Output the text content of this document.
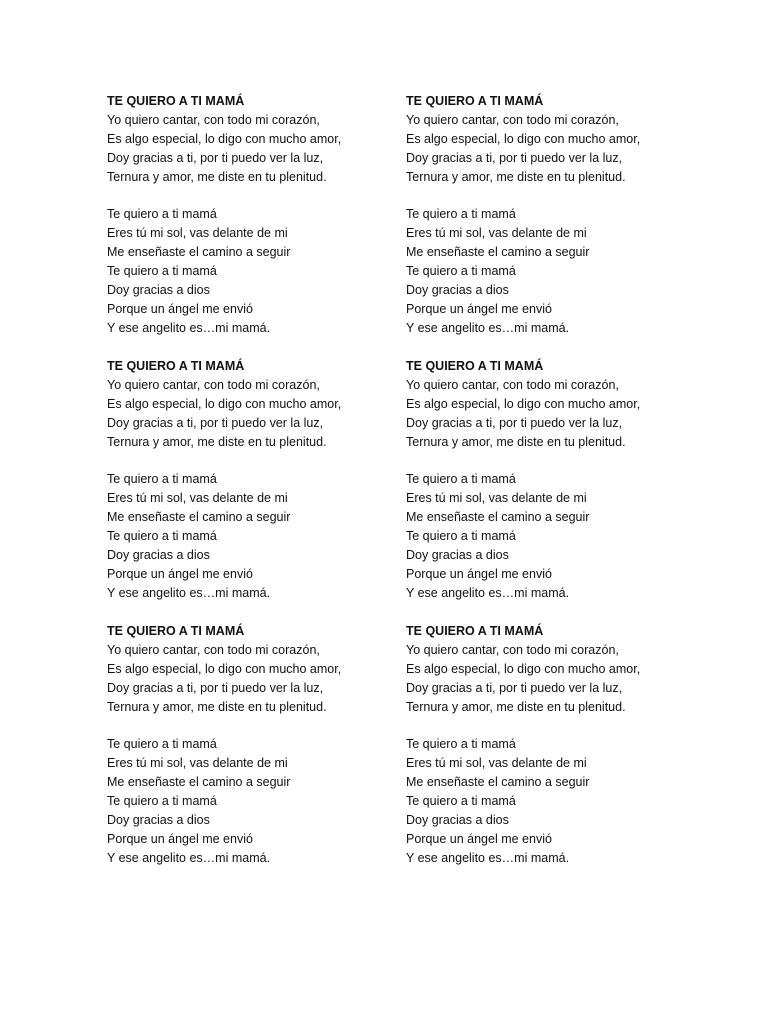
TE QUIERO A TI MAMÁ
Yo quiero cantar, con todo mi corazón,
Es algo especial, lo digo con mucho amor,
Doy gracias a ti, por ti puedo ver la luz,
Ternura y amor, me diste en tu plenitud.
Te quiero a ti mamá
Eres tú mi sol, vas delante de mi
Me enseñaste el camino a seguir
Te quiero a ti mamá
Doy gracias a dios
Porque un ángel me envió
Y ese angelito es…mi mamá.
TE QUIERO A TI MAMÁ
Yo quiero cantar, con todo mi corazón,
Es algo especial, lo digo con mucho amor,
Doy gracias a ti, por ti puedo ver la luz,
Ternura y amor, me diste en tu plenitud.
Te quiero a ti mamá
Eres tú mi sol, vas delante de mi
Me enseñaste el camino a seguir
Te quiero a ti mamá
Doy gracias a dios
Porque un ángel me envió
Y ese angelito es…mi mamá.
TE QUIERO A TI MAMÁ
Yo quiero cantar, con todo mi corazón,
Es algo especial, lo digo con mucho amor,
Doy gracias a ti, por ti puedo ver la luz,
Ternura y amor, me diste en tu plenitud.
Te quiero a ti mamá
Eres tú mi sol, vas delante de mi
Me enseñaste el camino a seguir
Te quiero a ti mamá
Doy gracias a dios
Porque un ángel me envió
Y ese angelito es…mi mamá.
TE QUIERO A TI MAMÁ
Yo quiero cantar, con todo mi corazón,
Es algo especial, lo digo con mucho amor,
Doy gracias a ti, por ti puedo ver la luz,
Ternura y amor, me diste en tu plenitud.
Te quiero a ti mamá
Eres tú mi sol, vas delante de mi
Me enseñaste el camino a seguir
Te quiero a ti mamá
Doy gracias a dios
Porque un ángel me envió
Y ese angelito es…mi mamá.
TE QUIERO A TI MAMÁ
Yo quiero cantar, con todo mi corazón,
Es algo especial, lo digo con mucho amor,
Doy gracias a ti, por ti puedo ver la luz,
Ternura y amor, me diste en tu plenitud.
Te quiero a ti mamá
Eres tú mi sol, vas delante de mi
Me enseñaste el camino a seguir
Te quiero a ti mamá
Doy gracias a dios
Porque un ángel me envió
Y ese angelito es…mi mamá.
TE QUIERO A TI MAMÁ
Yo quiero cantar, con todo mi corazón,
Es algo especial, lo digo con mucho amor,
Doy gracias a ti, por ti puedo ver la luz,
Ternura y amor, me diste en tu plenitud.
Te quiero a ti mamá
Eres tú mi sol, vas delante de mi
Me enseñaste el camino a seguir
Te quiero a ti mamá
Doy gracias a dios
Porque un ángel me envió
Y ese angelito es…mi mamá.
